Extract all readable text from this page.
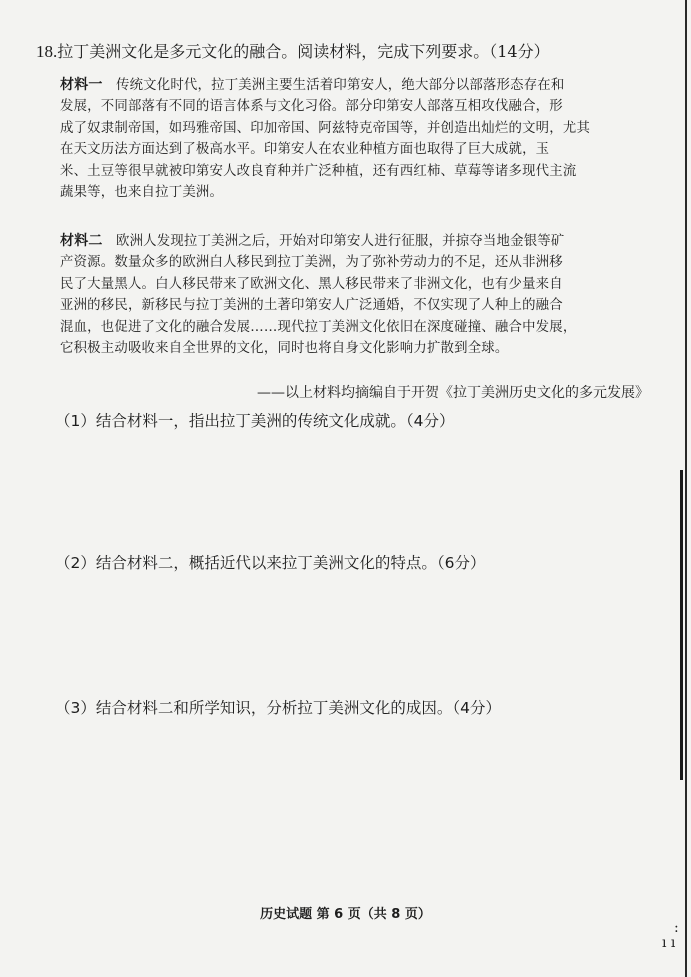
18.拉丁美洲文化是多元文化的融合。阅读材料，完成下列要求。（14分）
材料一 传统文化时代，拉丁美洲主要生活着印第安人，绝大部分以部落形态存在和
发展，不同部落有不同的语言体系与文化习俗。部分印第安人部落互相攻伐融合，形
成了奴隶制帝国，如玛雅帝国、印加帝国、阿兹特克帝国等，并创造出灿烂的文明，尤其
在天文历法方面达到了极高水平。印第安人在农业种植方面也取得了巨大成就，玉
米、土豆等很早就被印第安人改良育种并广泛种植，还有西红柿、草莓等诸多现代主流
蔬果等，也来自拉丁美洲。
材料二 欧洲人发现拉丁美洲之后，开始对印第安人进行征服，并掠夺当地金银等矿
产资源。数量众多的欧洲白人移民到拉丁美洲，为了弥补劳动力的不足，还从非洲移
民了大量黑人。白人移民带来了欧洲文化、黑人移民带来了非洲文化，也有少量来自
亚洲的移民，新移民与拉丁美洲的土著印第安人广泛通婚，不仅实现了人种上的融合
混血，也促进了文化的融合发展……现代拉丁美洲文化依旧在深度碰撞、融合中发展，
它积极主动吸收来自全世界的文化，同时也将自身文化影响力扩散到全球。
——以上材料均摘编自于开贺《拉丁美洲历史文化的多元发展》
（1）结合材料一，指出拉丁美洲的传统文化成就。（4分）
（2）结合材料二，概括近代以来拉丁美洲文化的特点。（6分）
（3）结合材料二和所学知识，分析拉丁美洲文化的成因。（4分）
历史试题 第 6 页（共 8 页）
:
ı ı
